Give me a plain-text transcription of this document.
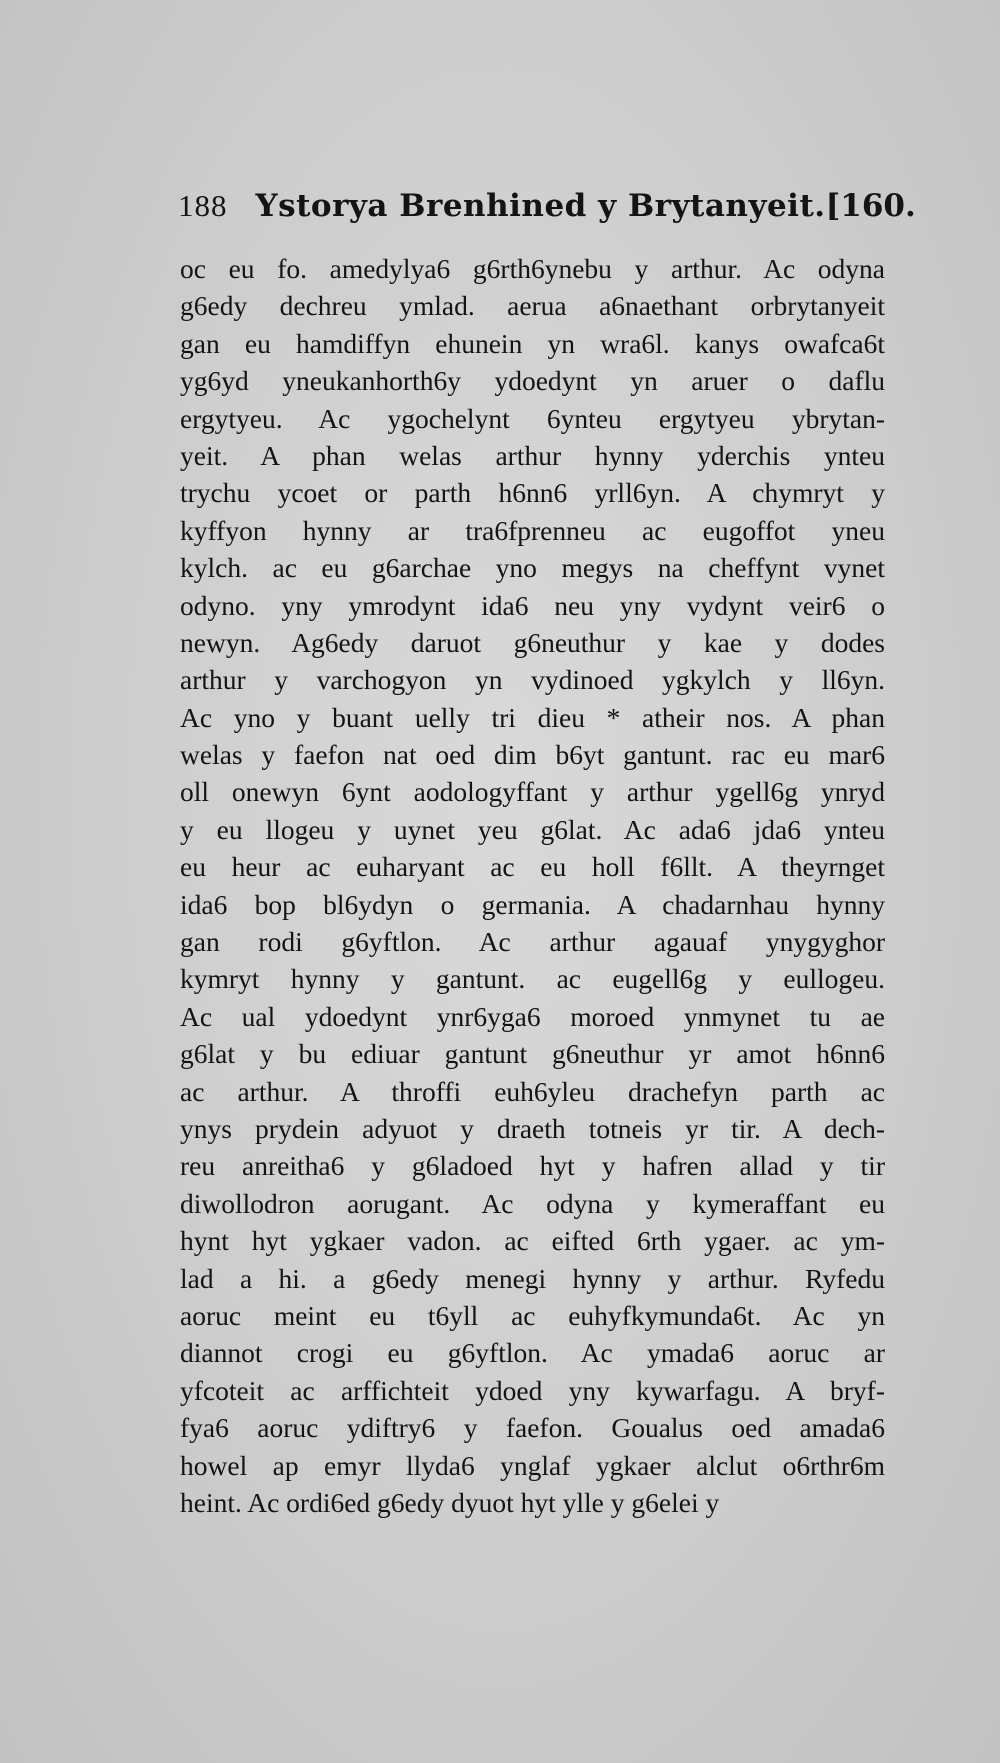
188 Ystorya Brenhined y Brytanyeit. [160.
oc eu fo. amedylya6 g6rth6ynebu y arthur. Ac odyna
g6edy dechreu ymlad. aerua a6naethant orbrytanyeit
gan eu hamdiffyn ehunein yn wra6l. kanys owafca6t
yg6yd yneukanhorth6y ydoedynt yn aruer o daflu
ergytyeu. Ac ygochelynt 6ynteu ergytyeu ybrytan-
yeit. A phan welas arthur hynny yderchis ynteu
trychu ycoet or parth h6nn6 yrll6yn. A chymryt y
kyffyon hynny ar tra6fprenneu ac eugoffot yneu
kylch. ac eu g6archae yno megys na cheffynt vynet
odyno. yny ymrodynt ida6 neu yny vydynt veir6 o
newyn. Ag6edy daruot g6neuthur y kae y dodes
arthur y varchogyon yn vydinoed ygkylch y ll6yn.
Ac yno y buant uelly tri dieu * atheir nos. A phan
welas y faefon nat oed dim b6yt gantunt. rac eu mar6
oll onewyn 6ynt aodologyffant y arthur ygell6g ynryd
y eu llogeu y uynet yeu g6lat. Ac ada6 jda6 ynteu
eu heur ac euharyant ac eu holl f6llt. A theyrnget
ida6 bop bl6ydyn o germania. A chadarnhau hynny
gan rodi g6yftlon. Ac arthur agauaf ynygyghor
kymryt hynny y gantunt. ac eugell6g y eullogeu.
Ac ual ydoedynt ynr6yga6 moroed ynmynet tu ae
g6lat y bu ediuar gantunt g6neuthur yr amot h6nn6
ac arthur. A throffi euh6yleu drachefyn parth ac
ynys prydein adyuot y draeth totneis yr tir. A dech-
reu anreitha6 y g6ladoed hyt y hafren allad y tir
diwollodron aorugant. Ac odyna y kymeraffant eu
hynt hyt ygkaer vadon. ac eifted 6rth ygaer. ac ym-
lad a hi. a g6edy menegi hynny y arthur. Ryfedu
aoruc meint eu t6yll ac euhyfkymunda6t. Ac yn
diannot crogi eu g6yftlon. Ac ymada6 aoruc ar
yfcoteit ac arffichteit ydoed yny kywarfagu. A bryf-
fya6 aoruc ydiftry6 y faefon. Goualus oed amada6
howel ap emyr llyda6 ynglaf ygkaer alclut o6rthr6m
heint. Ac ordi6ed g6edy dyuot hyt ylle y g6elei y
